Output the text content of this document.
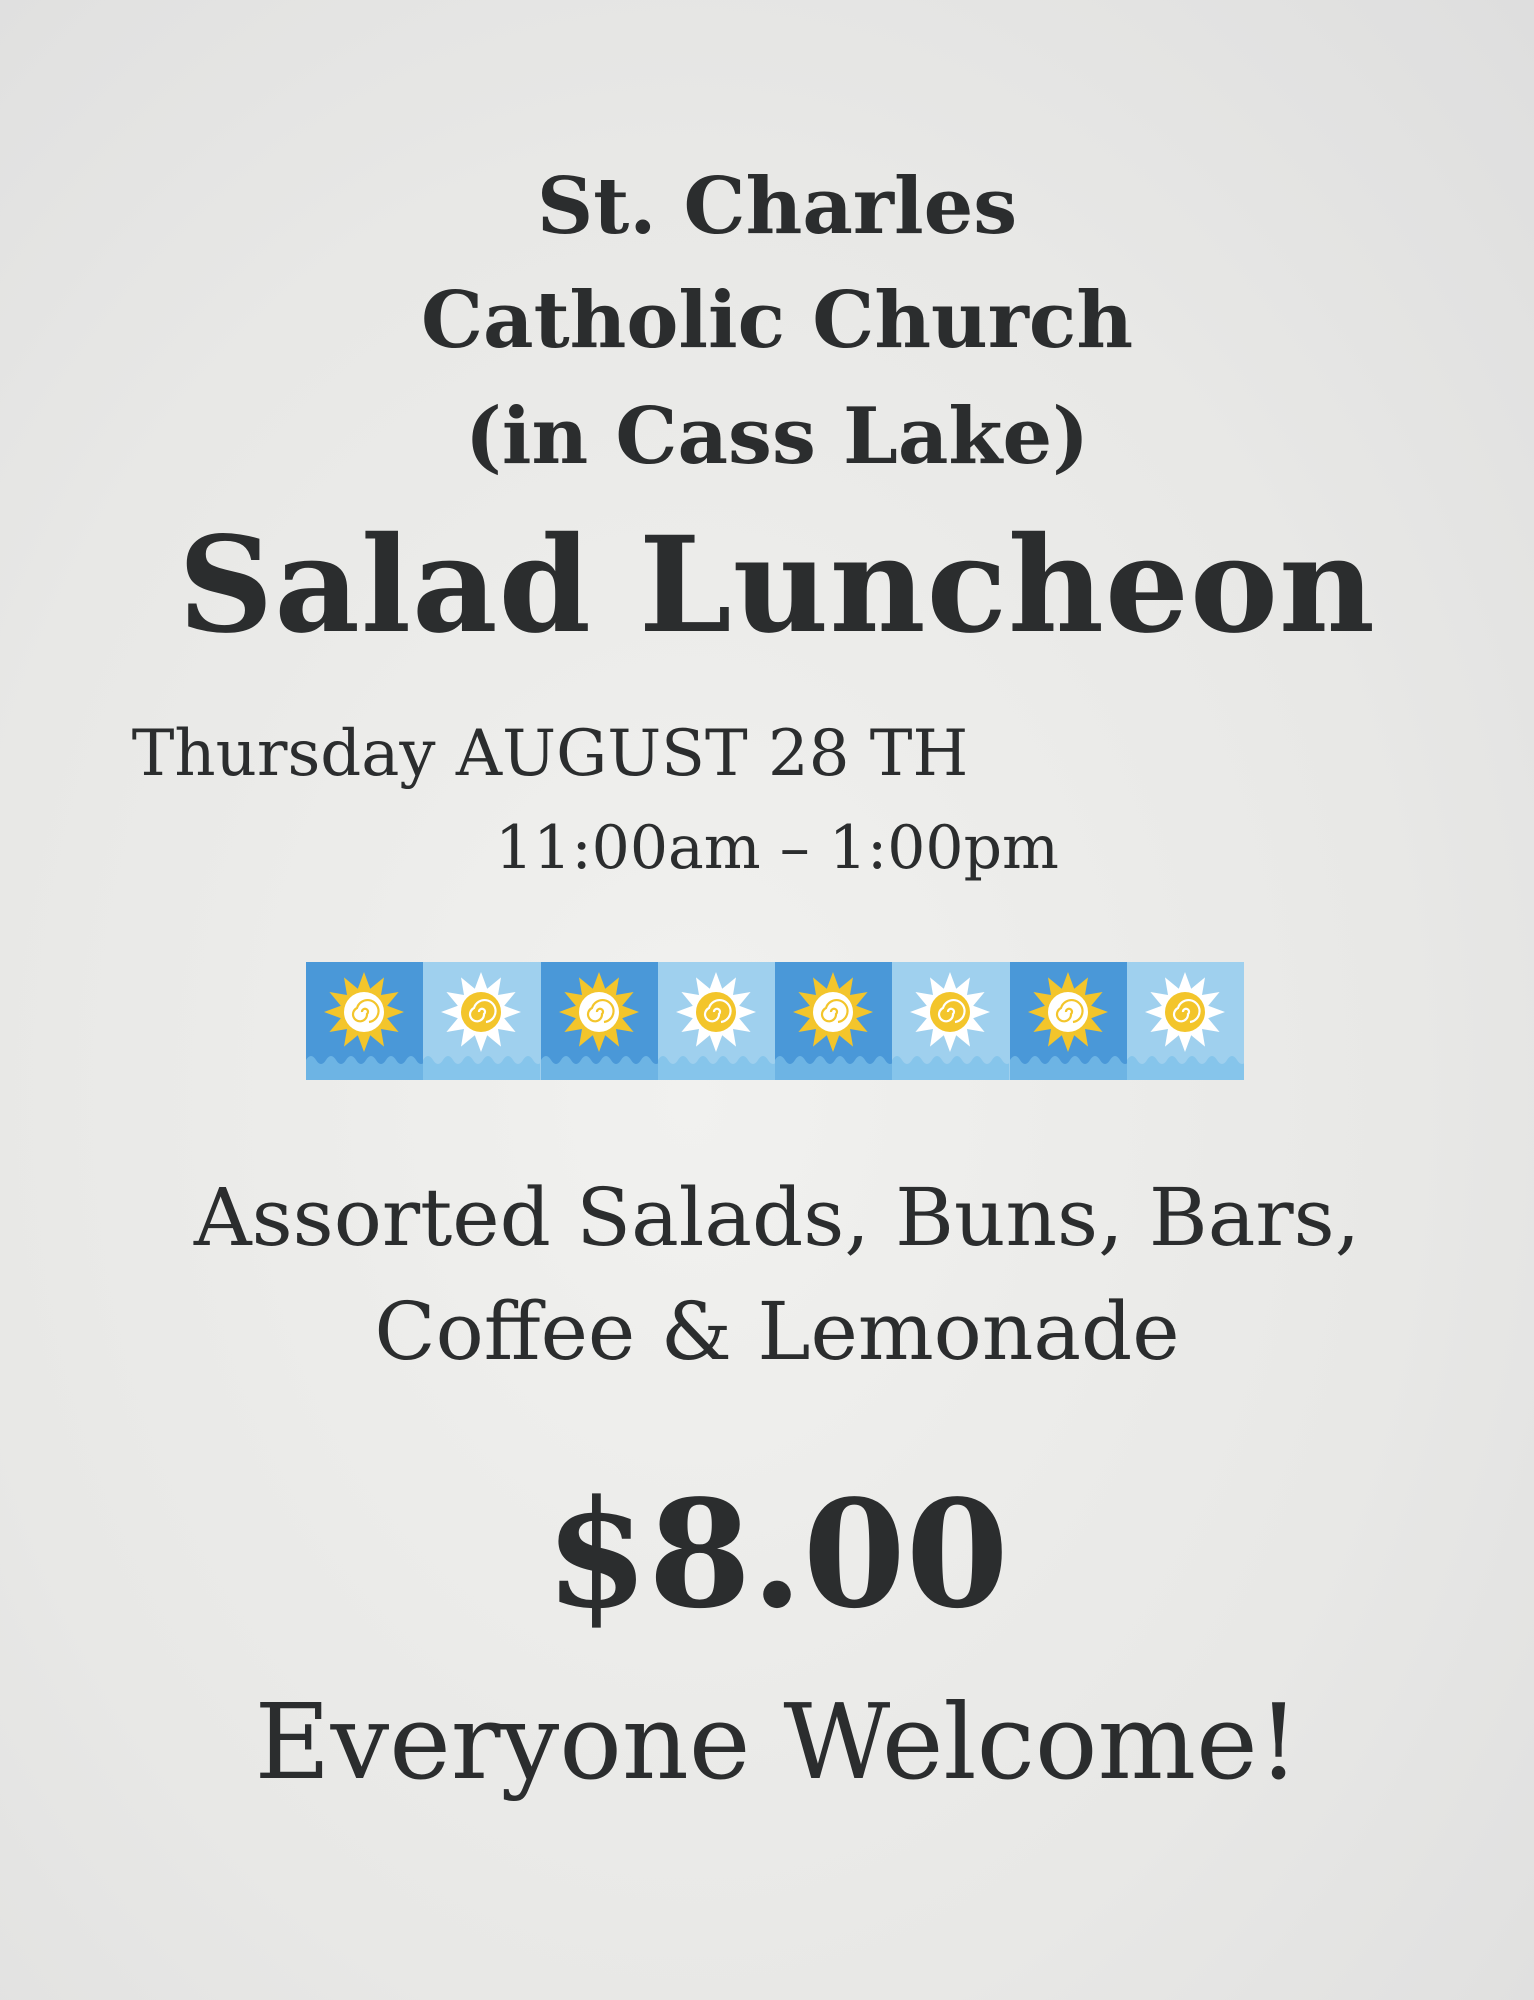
St. Charles
Catholic Church
(in Cass Lake)
Salad Luncheon
Thursday AUGUST 28 TH
11:00am – 1:00pm
Assorted Salads, Buns, Bars,
Coffee & Lemonade
$8.00
Everyone Welcome!
